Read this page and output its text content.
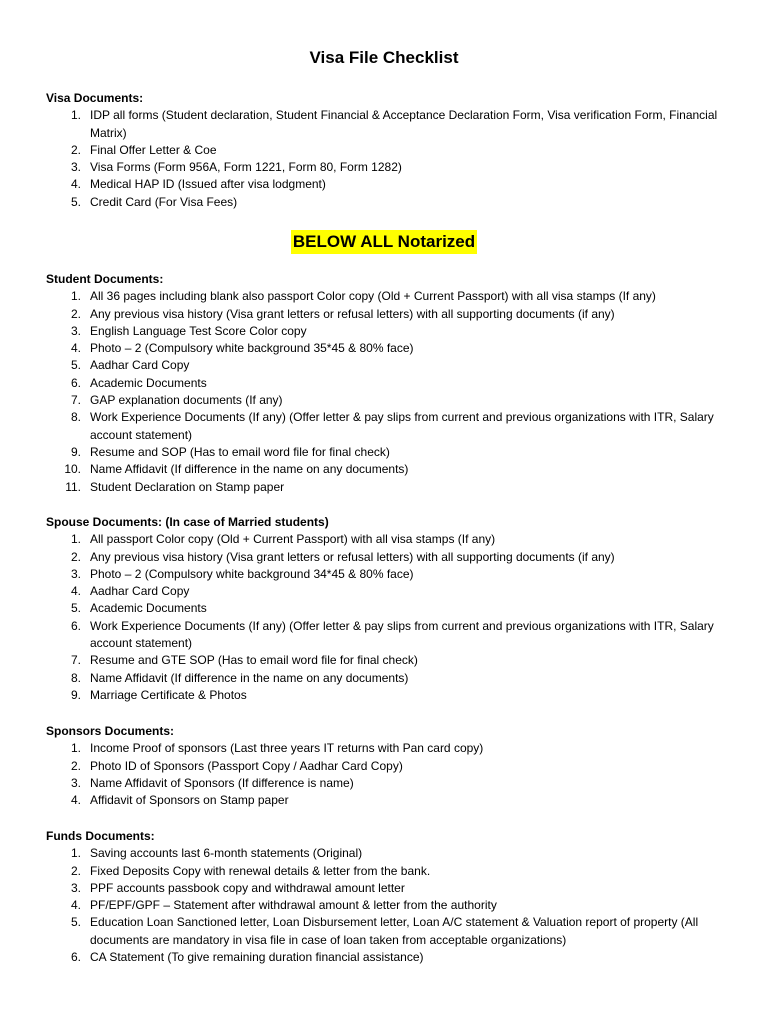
Visa File Checklist
Visa Documents:
1. IDP all forms (Student declaration, Student Financial & Acceptance Declaration Form, Visa verification Form, Financial Matrix)
2. Final Offer Letter & Coe
3. Visa Forms (Form 956A, Form 1221, Form 80, Form 1282)
4. Medical HAP ID (Issued after visa lodgment)
5. Credit Card (For Visa Fees)
BELOW ALL Notarized
Student Documents:
1. All 36 pages including blank also passport Color copy (Old + Current Passport) with all visa stamps (If any)
2. Any previous visa history (Visa grant letters or refusal letters) with all supporting documents (if any)
3. English Language Test Score Color copy
4. Photo – 2 (Compulsory white background 35*45 & 80% face)
5. Aadhar Card Copy
6. Academic Documents
7. GAP explanation documents (If any)
8. Work Experience Documents (If any) (Offer letter & pay slips from current and previous organizations with ITR, Salary account statement)
9. Resume and SOP (Has to email word file for final check)
10. Name Affidavit (If difference in the name on any documents)
11. Student Declaration on Stamp paper
Spouse Documents: (In case of Married students)
1. All passport Color copy (Old + Current Passport) with all visa stamps (If any)
2. Any previous visa history (Visa grant letters or refusal letters) with all supporting documents (if any)
3. Photo – 2 (Compulsory white background 34*45 & 80% face)
4. Aadhar Card Copy
5. Academic Documents
6. Work Experience Documents (If any) (Offer letter & pay slips from current and previous organizations with ITR, Salary account statement)
7. Resume and GTE SOP (Has to email word file for final check)
8. Name Affidavit (If difference in the name on any documents)
9. Marriage Certificate & Photos
Sponsors Documents:
1. Income Proof of sponsors (Last three years IT returns with Pan card copy)
2. Photo ID of Sponsors (Passport Copy / Aadhar Card Copy)
3. Name Affidavit of Sponsors (If difference is name)
4. Affidavit of Sponsors on Stamp paper
Funds Documents:
1. Saving accounts last 6-month statements (Original)
2. Fixed Deposits Copy with renewal details & letter from the bank.
3. PPF accounts passbook copy and withdrawal amount letter
4. PF/EPF/GPF – Statement after withdrawal amount & letter from the authority
5. Education Loan Sanctioned letter, Loan Disbursement letter, Loan A/C statement & Valuation report of property (All documents are mandatory in visa file in case of loan taken from acceptable organizations)
6. CA Statement (To give remaining duration financial assistance)
